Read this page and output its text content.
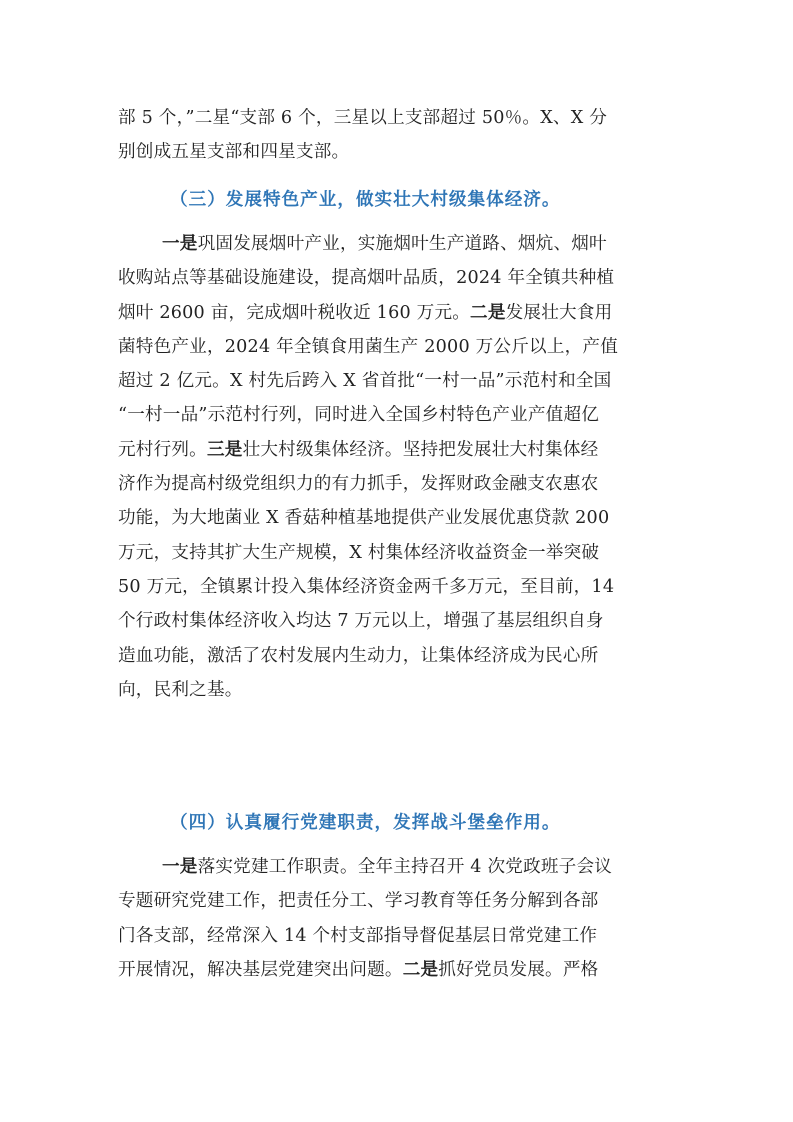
部 5 个，”二星“支部 6 个，三星以上支部超过 50％。X、X 分
别创成五星支部和四星支部。
（三）发展特色产业，做实壮大村级集体经济。
一是巩固发展烟叶产业，实施烟叶生产道路、烟炕、烟叶
收购站点等基础设施建设，提高烟叶品质，2024 年全镇共种植
烟叶 2600 亩，完成烟叶税收近 160 万元。二是发展壮大食用
菌特色产业，2024 年全镇食用菌生产 2000 万公斤以上，产值
超过 2 亿元。X 村先后跨入 X 省首批“一村一品”示范村和全国
“一村一品”示范村行列，同时进入全国乡村特色产业产值超亿
元村行列。三是壮大村级集体经济。坚持把发展壮大村集体经
济作为提高村级党组织力的有力抓手，发挥财政金融支农惠农
功能，为大地菌业 X 香菇种植基地提供产业发展优惠贷款 200
万元，支持其扩大生产规模，X 村集体经济收益资金一举突破
50 万元，全镇累计投入集体经济资金两千多万元，至目前，14
个行政村集体经济收入均达 7 万元以上，增强了基层组织自身
造血功能，激活了农村发展内生动力，让集体经济成为民心所
向，民利之基。
（四）认真履行党建职责，发挥战斗堡垒作用。
一是落实党建工作职责。全年主持召开 4 次党政班子会议
专题研究党建工作，把责任分工、学习教育等任务分解到各部
门各支部，经常深入 14 个村支部指导督促基层日常党建工作
开展情况，解决基层党建突出问题。二是抓好党员发展。严格
